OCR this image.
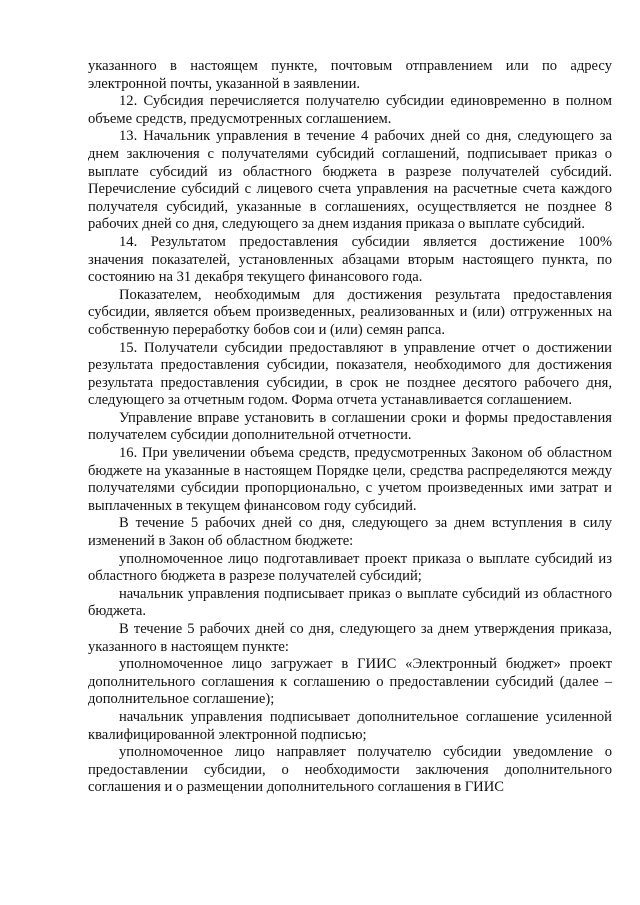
указанного в настоящем пункте, почтовым отправлением или по адресу электронной почты, указанной в заявлении.

12. Субсидия перечисляется получателю субсидии единовременно в полном объеме средств, предусмотренных соглашением.

13. Начальник управления в течение 4 рабочих дней со дня, следующего за днем заключения с получателями субсидий соглашений, подписывает приказ о выплате субсидий из областного бюджета в разрезе получателей субсидий. Перечисление субсидий с лицевого счета управления на расчетные счета каждого получателя субсидий, указанные в соглашениях, осуществляется не позднее 8 рабочих дней со дня, следующего за днем издания приказа о выплате субсидий.

14. Результатом предоставления субсидии является достижение 100% значения показателей, установленных абзацами вторым настоящего пункта, по состоянию на 31 декабря текущего финансового года.

Показателем, необходимым для достижения результата предоставления субсидии, является объем произведенных, реализованных и (или) отгруженных на собственную переработку бобов сои и (или) семян рапса.

15. Получатели субсидии предоставляют в управление отчет о достижении результата предоставления субсидии, показателя, необходимого для достижения результата предоставления субсидии, в срок не позднее десятого рабочего дня, следующего за отчетным годом. Форма отчета устанавливается соглашением.

Управление вправе установить в соглашении сроки и формы предоставления получателем субсидии дополнительной отчетности.

16. При увеличении объема средств, предусмотренных Законом об областном бюджете на указанные в настоящем Порядке цели, средства распределяются между получателями субсидии пропорционально, с учетом произведенных ими затрат и выплаченных в текущем финансовом году субсидий.

В течение 5 рабочих дней со дня, следующего за днем вступления в силу изменений в Закон об областном бюджете:

уполномоченное лицо подготавливает проект приказа о выплате субсидий из областного бюджета в разрезе получателей субсидий;

начальник управления подписывает приказ о выплате субсидий из областного бюджета.

В течение 5 рабочих дней со дня, следующего за днем утверждения приказа, указанного в настоящем пункте:

уполномоченное лицо загружает в ГИИС «Электронный бюджет» проект дополнительного соглашения к соглашению о предоставлении субсидий (далее – дополнительное соглашение);

начальник управления подписывает дополнительное соглашение усиленной квалифицированной электронной подписью;

уполномоченное лицо направляет получателю субсидии уведомление о предоставлении субсидии, о необходимости заключения дополнительного соглашения и о размещении дополнительного соглашения в ГИИС
